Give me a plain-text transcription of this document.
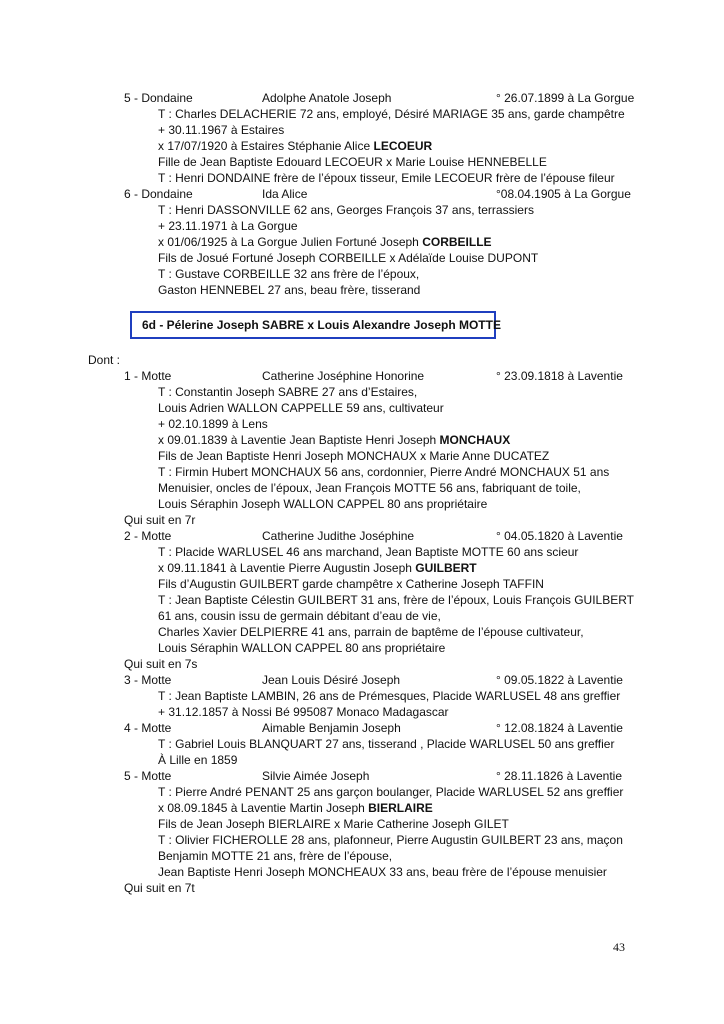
5 - Dondaine	Adolphe Anatole Joseph	° 26.07.1899 à La Gorgue
T : Charles DELACHERIE 72 ans, employé, Désiré MARIAGE 35 ans, garde champêtre
+ 30.11.1967 à Estaires
x 17/07/1920 à Estaires Stéphanie Alice LECOEUR
Fille de Jean Baptiste Edouard LECOEUR x Marie Louise HENNEBELLE
T : Henri DONDAINE frère de l’époux tisseur, Emile LECOEUR frère de l’épouse fileur
6 - Dondaine	Ida Alice	°08.04.1905 à La Gorgue
T : Henri DASSONVILLE 62 ans, Georges François 37 ans, terrassiers
+ 23.11.1971 à La Gorgue
x 01/06/1925 à La Gorgue Julien Fortuné Joseph CORBEILLE
Fils de Josué Fortuné Joseph CORBEILLE x Adélaïde Louise DUPONT
T : Gustave CORBEILLE 32 ans frère de l’époux,
Gaston HENNEBEL 27 ans, beau frère, tisserand
6d - Pélerine Joseph SABRE x Louis Alexandre Joseph MOTTE
Dont :
1 - Motte	Catherine Joséphine Honorine	° 23.09.1818 à Laventie
T : Constantin Joseph SABRE 27 ans d’Estaires,
Louis Adrien WALLON CAPPELLE 59 ans, cultivateur
+ 02.10.1899 à Lens
x 09.01.1839 à Laventie Jean Baptiste Henri Joseph MONCHAUX
Fils de Jean Baptiste Henri Joseph MONCHAUX x Marie Anne DUCATEZ
T : Firmin Hubert MONCHAUX 56 ans, cordonnier, Pierre André MONCHAUX 51 ans
Menuisier, oncles de l’époux, Jean François MOTTE 56 ans, fabriquant de toile,
Louis Séraphin Joseph WALLON CAPPEL 80 ans propriétaire
Qui suit en 7r
2 - Motte	Catherine Judithe Joséphine	° 04.05.1820 à Laventie
T : Placide WARLUSEL 46 ans marchand, Jean Baptiste MOTTE 60 ans scieur
x 09.11.1841 à Laventie Pierre Augustin Joseph GUILBERT
Fils d’Augustin GUILBERT garde champêtre x Catherine Joseph TAFFIN
T : Jean Baptiste Célestin GUILBERT 31 ans, frère de l’époux, Louis François GUILBERT
61 ans, cousin issu de germain débitant d’eau de vie,
Charles Xavier DELPIERRE 41 ans, parrain de baptême de l’épouse cultivateur,
Louis Séraphin WALLON CAPPEL 80 ans propriétaire
Qui suit en 7s
3 - Motte	Jean Louis Désiré Joseph	° 09.05.1822 à Laventie
T : Jean Baptiste LAMBIN, 26 ans de Prémesques, Placide WARLUSEL 48 ans greffier
+ 31.12.1857 à Nossi Bé 995087 Monaco Madagascar
4 - Motte	Aimable Benjamin Joseph	° 12.08.1824 à Laventie
T : Gabriel Louis BLANQUART 27 ans, tisserand , Placide WARLUSEL 50 ans greffier
À Lille en 1859
5 - Motte	Silvie Aimée Joseph	° 28.11.1826 à Laventie
T : Pierre André PENANT 25 ans garçon boulanger, Placide WARLUSEL 52 ans greffier
x 08.09.1845 à Laventie Martin Joseph BIERLAIRE
Fils de Jean Joseph BIERLAIRE x Marie Catherine Joseph GILET
T : Olivier FICHEROLLE 28 ans, plafonneur, Pierre Augustin GUILBERT 23 ans, maçon
Benjamin MOTTE 21 ans, frère de l’épouse,
Jean Baptiste Henri Joseph MONCHEAUX 33 ans, beau frère de l’épouse menuisier
Qui suit en 7t
43
